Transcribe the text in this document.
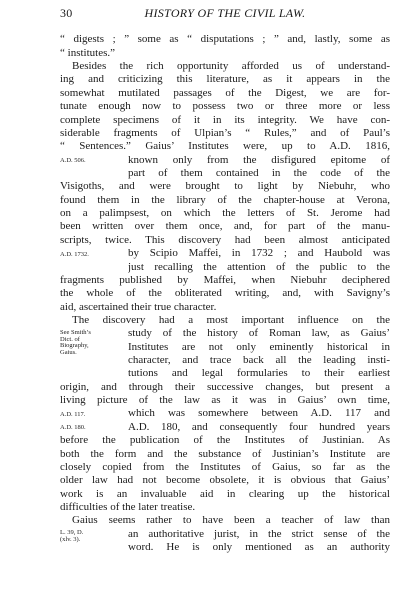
30	HISTORY OF THE CIVIL LAW.
“ digests ; ” some as “ disputations ; ” and, lastly, some as
“ institutes.”
Besides the rich opportunity afforded us of understand-
ing and criticizing this literature, as it appears in the
somewhat mutilated passages of the Digest, we are for-
tunate enough now to possess two or three more or less
complete specimens of it in its integrity. We have con-
siderable fragments of Ulpian’s “ Rules,” and of Paul’s
“ Sentences.” Gaius’ Institutes were, up to A.D. 1816,
known only from the disfigured epitome of
part of them contained in the code of the
Visigoths, and were brought to light by Niebuhr, who
found them in the library of the chapter-house at Verona,
on a palimpsest, on which the letters of St. Jerome had
been written over them once, and, for part of the manu-
scripts, twice. This discovery had been almost anticipated
by Scipio Maffei, in 1732 ; and Haubold was
just recalling the attention of the public to the
fragments published by Maffei, when Niebuhr deciphered
the whole of the obliterated writing, and, with Savigny’s
aid, ascertained their true character.
The discovery had a most important influence on the
study of the history of Roman law, as Gaius’
Institutes are not only eminently historical in
character, and trace back all the leading insti-
tutions and legal formularies to their earliest
origin, and through their successive changes, but present a
living picture of the law as it was in Gaius’ own time,
which was somewhere between A.D. 117 and
A.D. 180, and consequently four hundred years
before the publication of the Institutes of Justinian. As
both the form and the substance of Justinian’s Institute are
closely copied from the Institutes of Gaius, so far as the
older law had not become obsolete, it is obvious that Gaius’
work is an invaluable aid in clearing up the historical
difficulties of the later treatise.
Gaius seems rather to have been a teacher of law than
an authoritative jurist, in the strict sense of the
word. He is only mentioned as an authority
A.D. 506.
A.D. 1732.
See Smith’s
Dict. of
Biography,
Gaius.
A.D. 117.
A.D. 180.
L. 39, D.
(xlv. 3).
